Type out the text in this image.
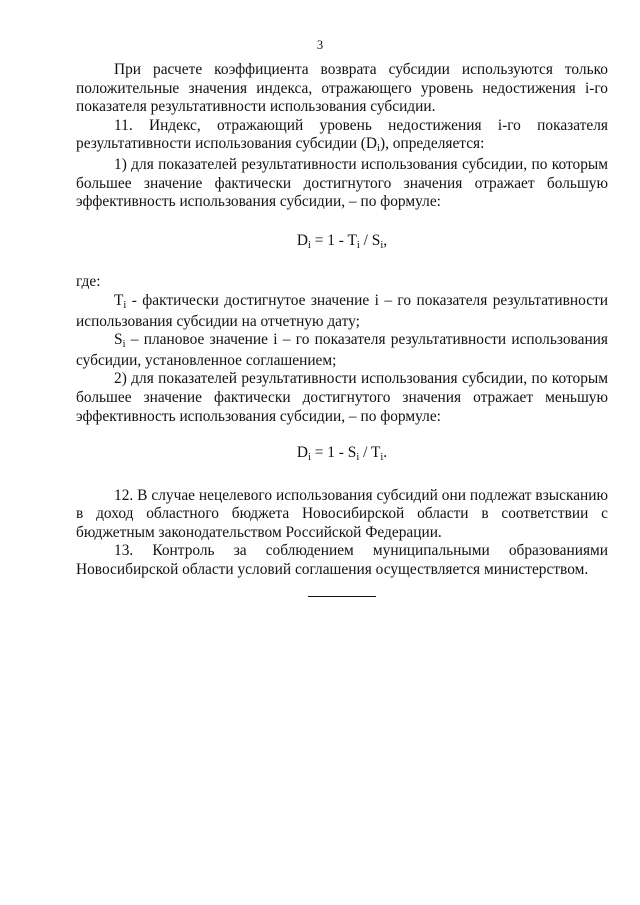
3

При расчете коэффициента возврата субсидии используются только положительные значения индекса, отражающего уровень недостижения i-го показателя результативности использования субсидии.

11. Индекс, отражающий уровень недостижения i-го показателя результативности использования субсидии $(D_i)$, определяется:

1) для показателей результативности использования субсидии, по которым большее значение фактически достигнутого значения отражает большую эффективность использования субсидии, – по формуле:

$D_i = 1 - T_i / S_i$,

где:

$T_i$ - фактически достигнутое значение i – го показателя результативности использования субсидии на отчетную дату;

$S_i$ – плановое значение i – го показателя результативности использования субсидии, установленное соглашением;

2) для показателей результативности использования субсидии, по которым большее значение фактически достигнутого значения отражает меньшую эффективность использования субсидии, – по формуле:

$D_i = 1 - S_i / T_i$.

12. В случае нецелевого использования субсидий они подлежат взысканию в доход областного бюджета Новосибирской области в соответствии с бюджетным законодательством Российской Федерации.

13. Контроль за соблюдением муниципальными образованиями Новосибирской области условий соглашения осуществляется министерством.
